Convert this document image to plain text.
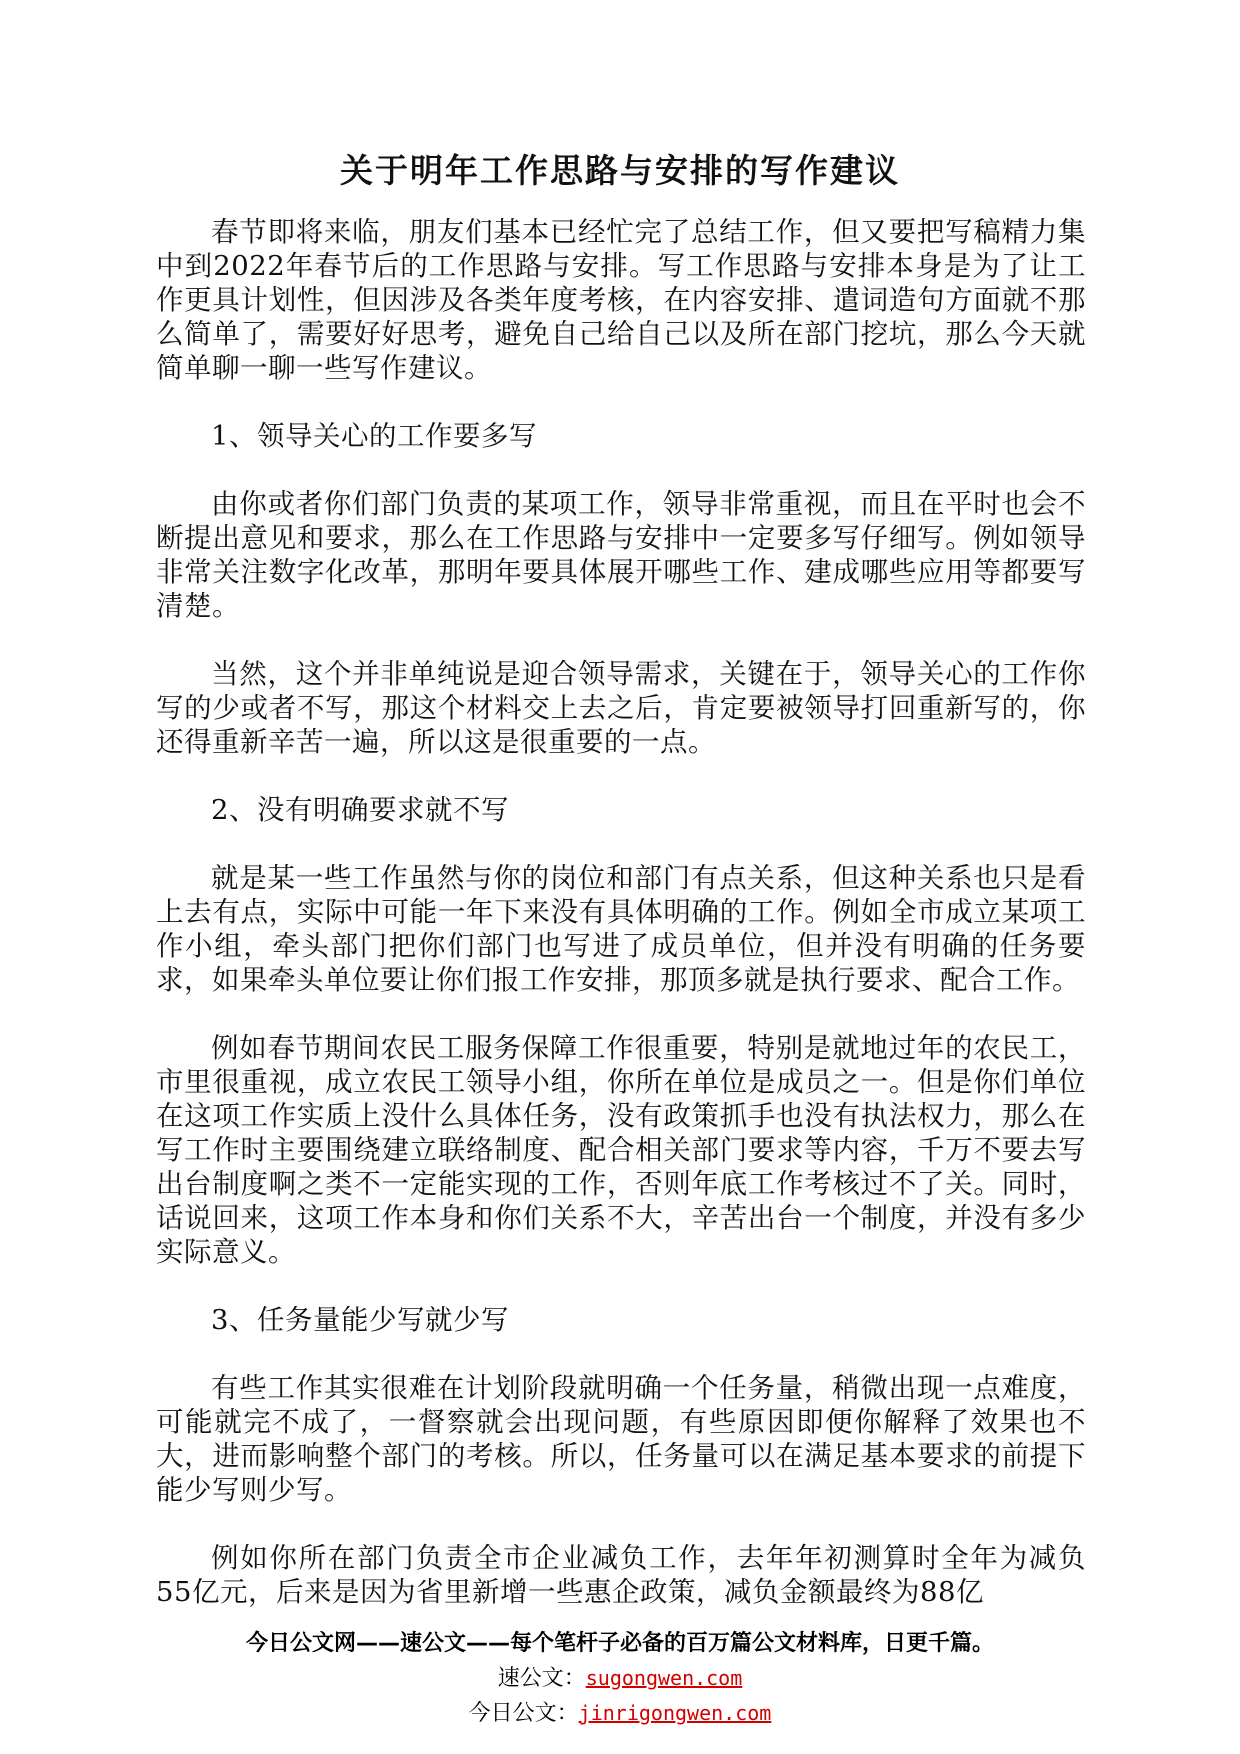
关于明年工作思路与安排的写作建议

春节即将来临，朋友们基本已经忙完了总结工作，但又要把写稿精力集中到2022年春节后的工作思路与安排。写工作思路与安排本身是为了让工作更具计划性，但因涉及各类年度考核，在内容安排、遣词造句方面就不那么简单了，需要好好思考，避免自己给自己以及所在部门挖坑，那么今天就简单聊一聊一些写作建议。

1、领导关心的工作要多写

由你或者你们部门负责的某项工作，领导非常重视，而且在平时也会不断提出意见和要求，那么在工作思路与安排中一定要多写仔细写。例如领导非常关注数字化改革，那明年要具体展开哪些工作、建成哪些应用等都要写清楚。

当然，这个并非单纯说是迎合领导需求，关键在于，领导关心的工作你写的少或者不写，那这个材料交上去之后，肯定要被领导打回重新写的，你还得重新辛苦一遍，所以这是很重要的一点。

2、没有明确要求就不写

就是某一些工作虽然与你的岗位和部门有点关系，但这种关系也只是看上去有点，实际中可能一年下来没有具体明确的工作。例如全市成立某项工作小组，牵头部门把你们部门也写进了成员单位，但并没有明确的任务要求，如果牵头单位要让你们报工作安排，那顶多就是执行要求、配合工作。

例如春节期间农民工服务保障工作很重要，特别是就地过年的农民工，市里很重视，成立农民工领导小组，你所在单位是成员之一。但是你们单位在这项工作实质上没什么具体任务，没有政策抓手也没有执法权力，那么在写工作时主要围绕建立联络制度、配合相关部门要求等内容，千万不要去写出台制度啊之类不一定能实现的工作，否则年底工作考核过不了关。同时，话说回来，这项工作本身和你们关系不大，辛苦出台一个制度，并没有多少实际意义。

3、任务量能少写就少写

有些工作其实很难在计划阶段就明确一个任务量，稍微出现一点难度，可能就完不成了，一督察就会出现问题，有些原因即便你解释了效果也不大，进而影响整个部门的考核。所以，任务量可以在满足基本要求的前提下能少写则少写。

例如你所在部门负责全市企业减负工作，去年年初测算时全年为减负55亿元，后来是因为省里新增一些惠企政策，减负金额最终为88亿

今日公文网——速公文——每个笔杆子必备的百万篇公文材料库，日更千篇。

速公文：sugongwen.com

今日公文：jinrigongwen.com
